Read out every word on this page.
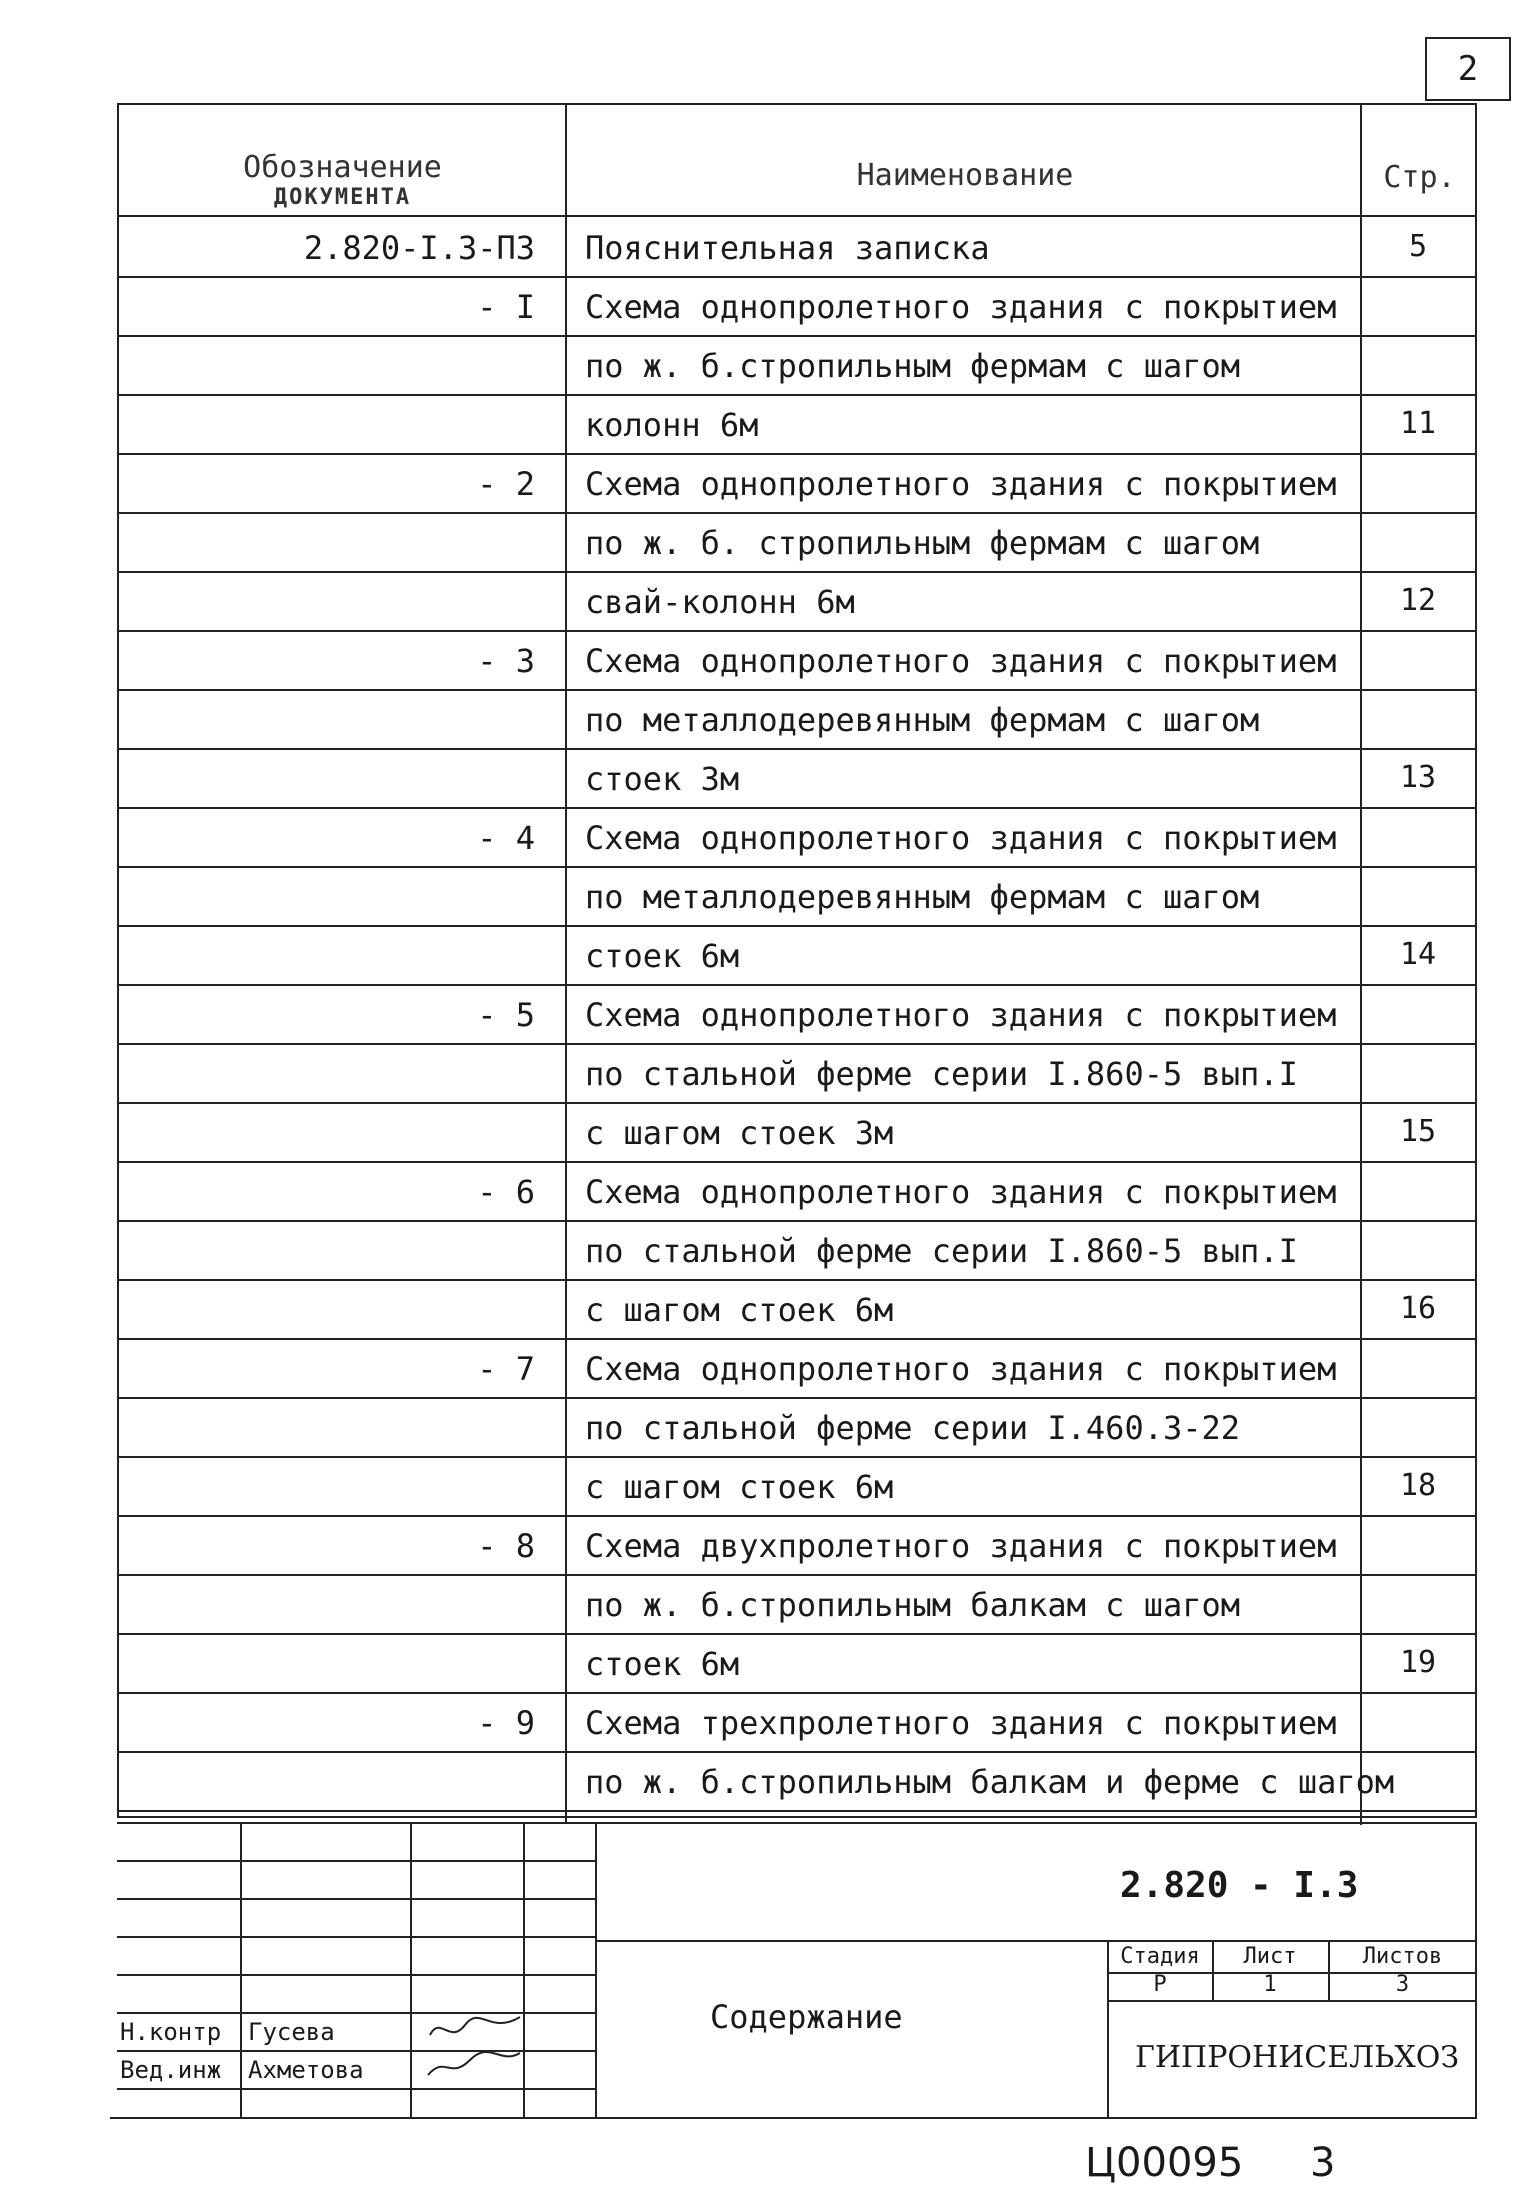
2
Обозначение
ДОКУМЕНТА
Наименование	Стр.
2.820-I.3-ПЗ Пояснительная записка	5
- I Схема однопролетного здания с покрытием
по ж. б.стропильным фермам с шагом
колонн 6м	11
- 2 Схема однопролетного здания с покрытием
по ж. б. стропильным фермам с шагом
свай-колонн 6м	12
- 3 Схема однопролетного здания с покрытием
по металлодеревянным фермам с шагом
стоек 3м	13
- 4 Схема однопролетного здания с покрытием
по металлодеревянным фермам с шагом
стоек 6м	14
- 5 Схема однопролетного здания с покрытием
по стальной ферме серии I.860-5 вып.I
с шагом стоек 3м	15
- 6 Схема однопролетного здания с покрытием
по стальной ферме серии I.860-5 вып.I
с шагом стоек 6м	16
- 7 Схема однопролетного здания с покрытием
по стальной ферме серии I.460.3-22
с шагом стоек 6м	18
- 8 Схема двухпролетного здания с покрытием
по ж. б.стропильным балкам с шагом
стоек 6м	19
- 9 Схема трехпролетного здания с покрытием
по ж. б.стропильным балкам и ферме с шагом
2.820 - I.3
Содержание
Стадия	Лист	Листов
Р	1	3
ГИПРОНИСЕЛЬХОЗ
Н.контр Гусева
Вед.инж Ахметова
Ц00095 3
